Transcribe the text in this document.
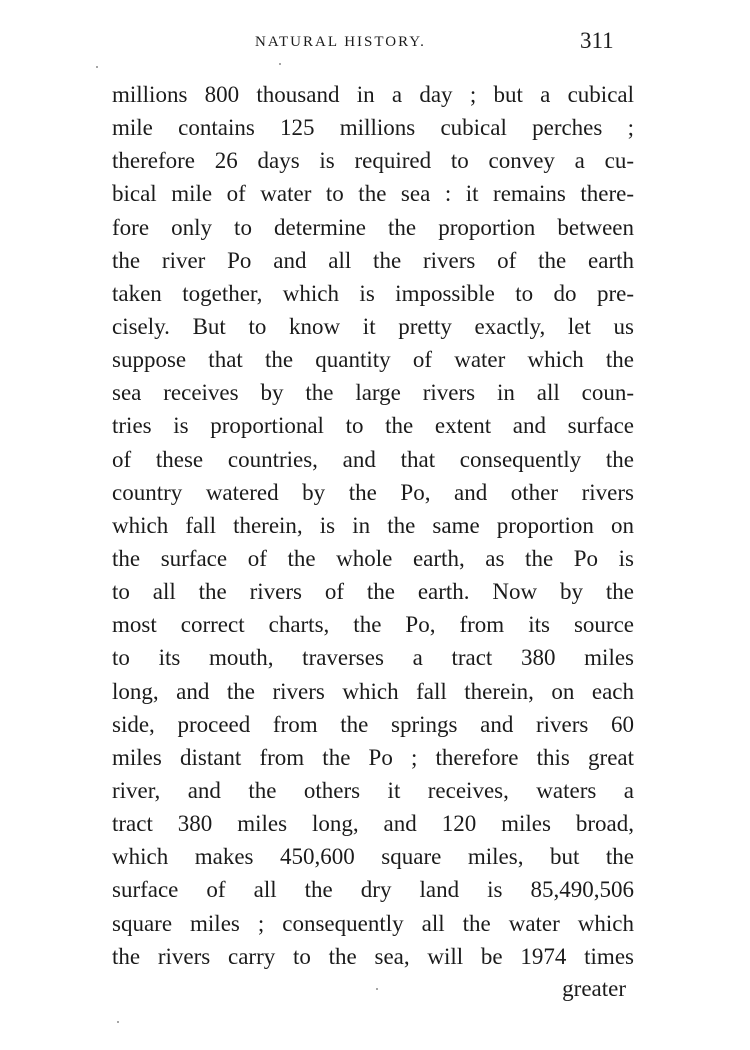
NATURAL HISTORY.	311
millions 800 thousand in a day ; but a cubical
mile contains 125 millions cubical perches ;
therefore 26 days is required to convey a cu-
bical mile of water to the sea : it remains there-
fore only to determine the proportion between
the river Po and all the rivers of the earth
taken together, which is impossible to do pre-
cisely. But to know it pretty exactly, let us
suppose that the quantity of water which the
sea receives by the large rivers in all coun-
tries is proportional to the extent and surface
of these countries, and that consequently the
country watered by the Po, and other rivers
which fall therein, is in the same proportion on
the surface of the whole earth, as the Po is
to all the rivers of the earth. Now by the
most correct charts, the Po, from its source
to its mouth, traverses a tract 380 miles
long, and the rivers which fall therein, on each
side, proceed from the springs and rivers 60
miles distant from the Po ; therefore this great
river, and the others it receives, waters a
tract 380 miles long, and 120 miles broad,
which makes 450,600 square miles, but the
surface of all the dry land is 85,490,506
square miles ; consequently all the water which
the rivers carry to the sea, will be 1974 times
greater
